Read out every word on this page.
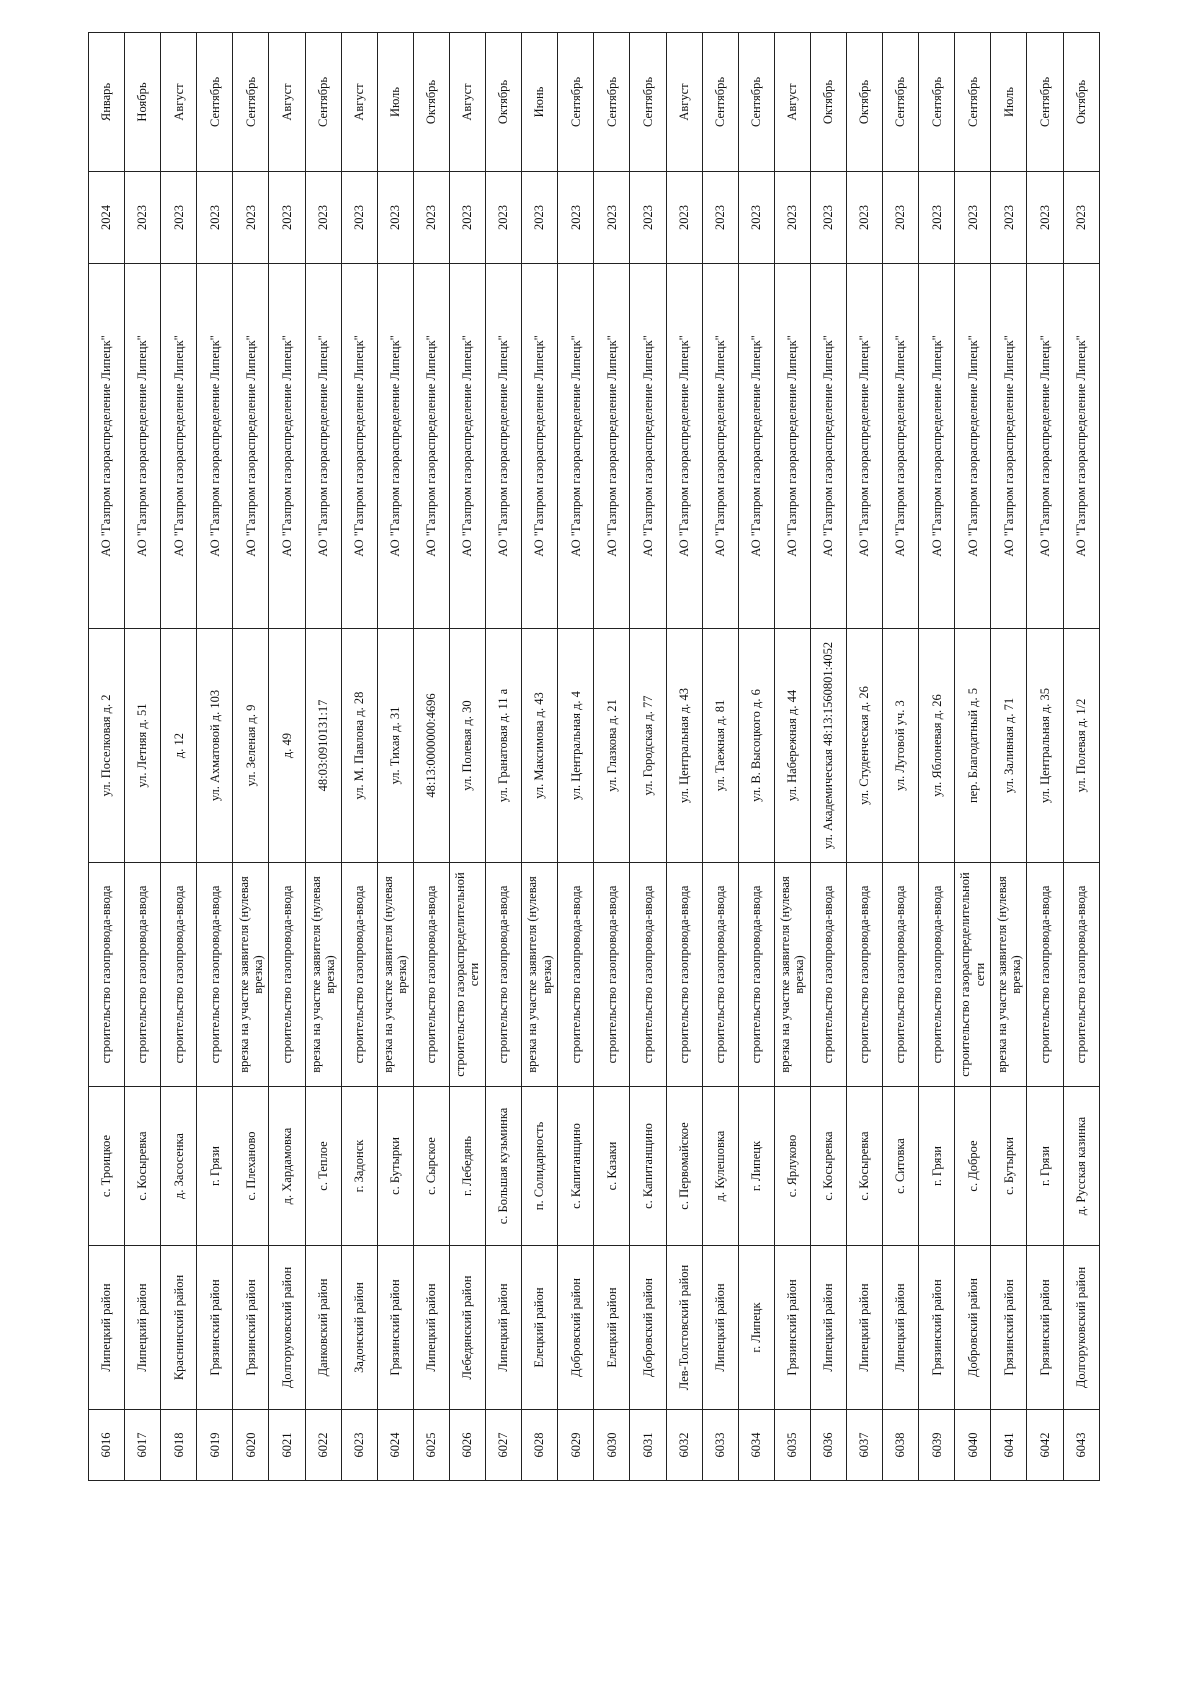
6016	Липецкий район	с. Троицкое	строительство газопровода-ввода	ул. Поселковая д. 2	АО "Газпром газораспределение Липецк"	2024	Январь
6017	Липецкий район	с. Косыревка	строительство газопровода-ввода	ул. Летняя д. 51	АО "Газпром газораспределение Липецк"	2023	Ноябрь
6018	Краснинский район	д. Засосенка	строительство газопровода-ввода	д. 12	АО "Газпром газораспределение Липецк"	2023	Август
6019	Грязинский район	г. Грязи	строительство газопровода-ввода	ул. Ахматовой д. 103	АО "Газпром газораспределение Липецк"	2023	Сентябрь
6020	Грязинский район	с. Плеханово	врезка на участке заявителя (нулевая врезка)	ул. Зеленая д. 9	АО "Газпром газораспределение Липецк"	2023	Сентябрь
6021	Долгоруковский район	д. Хардамовка	строительство газопровода-ввода	д. 49	АО "Газпром газораспределение Липецк"	2023	Август
6022	Данковский район	с. Теплое	врезка на участке заявителя (нулевая врезка)	48:03:0910131:17	АО "Газпром газораспределение Липецк"	2023	Сентябрь
6023	Задонский район	г. Задонск	строительство газопровода-ввода	ул. М. Павлова д. 28	АО "Газпром газораспределение Липецк"	2023	Август
6024	Грязинский район	с. Бутырки	врезка на участке заявителя (нулевая врезка)	ул. Тихая д. 31	АО "Газпром газораспределение Липецк"	2023	Июль
6025	Липецкий район	с. Сырское	строительство газопровода-ввода	48:13:0000000:4696	АО "Газпром газораспределение Липецк"	2023	Октябрь
6026	Лебедянский район	г. Лебедянь	строительство газораспределительной сети	ул. Полевая д. 30	АО "Газпром газораспределение Липецк"	2023	Август
6027	Липецкий район	с. Большая кузьминка	строительство газопровода-ввода	ул. Гранатовая д. 11 а	АО "Газпром газораспределение Липецк"	2023	Октябрь
6028	Елецкий район	п. Солидарность	врезка на участке заявителя (нулевая врезка)	ул. Максимова д. 43	АО "Газпром газораспределение Липецк"	2023	Июнь
6029	Добровский район	с. Капитанщино	строительство газопровода-ввода	ул. Центральная д. 4	АО "Газпром газораспределение Липецк"	2023	Сентябрь
6030	Елецкий район	с. Казаки	строительство газопровода-ввода	ул. Глазкова д. 21	АО "Газпром газораспределение Липецк"	2023	Сентябрь
6031	Добровский район	с. Капитанщино	строительство газопровода-ввода	ул. Городская д. 77	АО "Газпром газораспределение Липецк"	2023	Сентябрь
6032	Лев-Толстовский район	с. Первомайское	строительство газопровода-ввода	ул. Центральная д. 43	АО "Газпром газораспределение Липецк"	2023	Август
6033	Липецкий район	д. Кулешовка	строительство газопровода-ввода	ул. Таежная д. 81	АО "Газпром газораспределение Липецк"	2023	Сентябрь
6034	г. Липецк	г. Липецк	строительство газопровода-ввода	ул. В. Высоцкого д. 6	АО "Газпром газораспределение Липецк"	2023	Сентябрь
6035	Грязинский район	с. Ярлуково	врезка на участке заявителя (нулевая врезка)	ул. Набережная д. 44	АО "Газпром газораспределение Липецк"	2023	Август
6036	Липецкий район	с. Косыревка	строительство газопровода-ввода	ул. Академическая 48:13:1560801:4052	АО "Газпром газораспределение Липецк"	2023	Октябрь
6037	Липецкий район	с. Косыревка	строительство газопровода-ввода	ул. Студенческая д. 26	АО "Газпром газораспределение Липецк"	2023	Октябрь
6038	Липецкий район	с. Ситовка	строительство газопровода-ввода	ул. Луговой уч. 3	АО "Газпром газораспределение Липецк"	2023	Сентябрь
6039	Грязинский район	г. Грязи	строительство газопровода-ввода	ул. Яблоневая д. 26	АО "Газпром газораспределение Липецк"	2023	Сентябрь
6040	Добровский район	с. Доброе	строительство газораспределительной сети	пер. Благодатный д. 5	АО "Газпром газораспределение Липецк"	2023	Сентябрь
6041	Грязинский район	с. Бутырки	врезка на участке заявителя (нулевая врезка)	ул. Заливная д. 71	АО "Газпром газораспределение Липецк"	2023	Июль
6042	Грязинский район	г. Грязи	строительство газопровода-ввода	ул. Центральная д. 35	АО "Газпром газораспределение Липецк"	2023	Сентябрь
6043	Долгоруковский район	д. Русская казинка	строительство газопровода-ввода	ул. Полевая д. 1/2	АО "Газпром газораспределение Липецк"	2023	Октябрь
